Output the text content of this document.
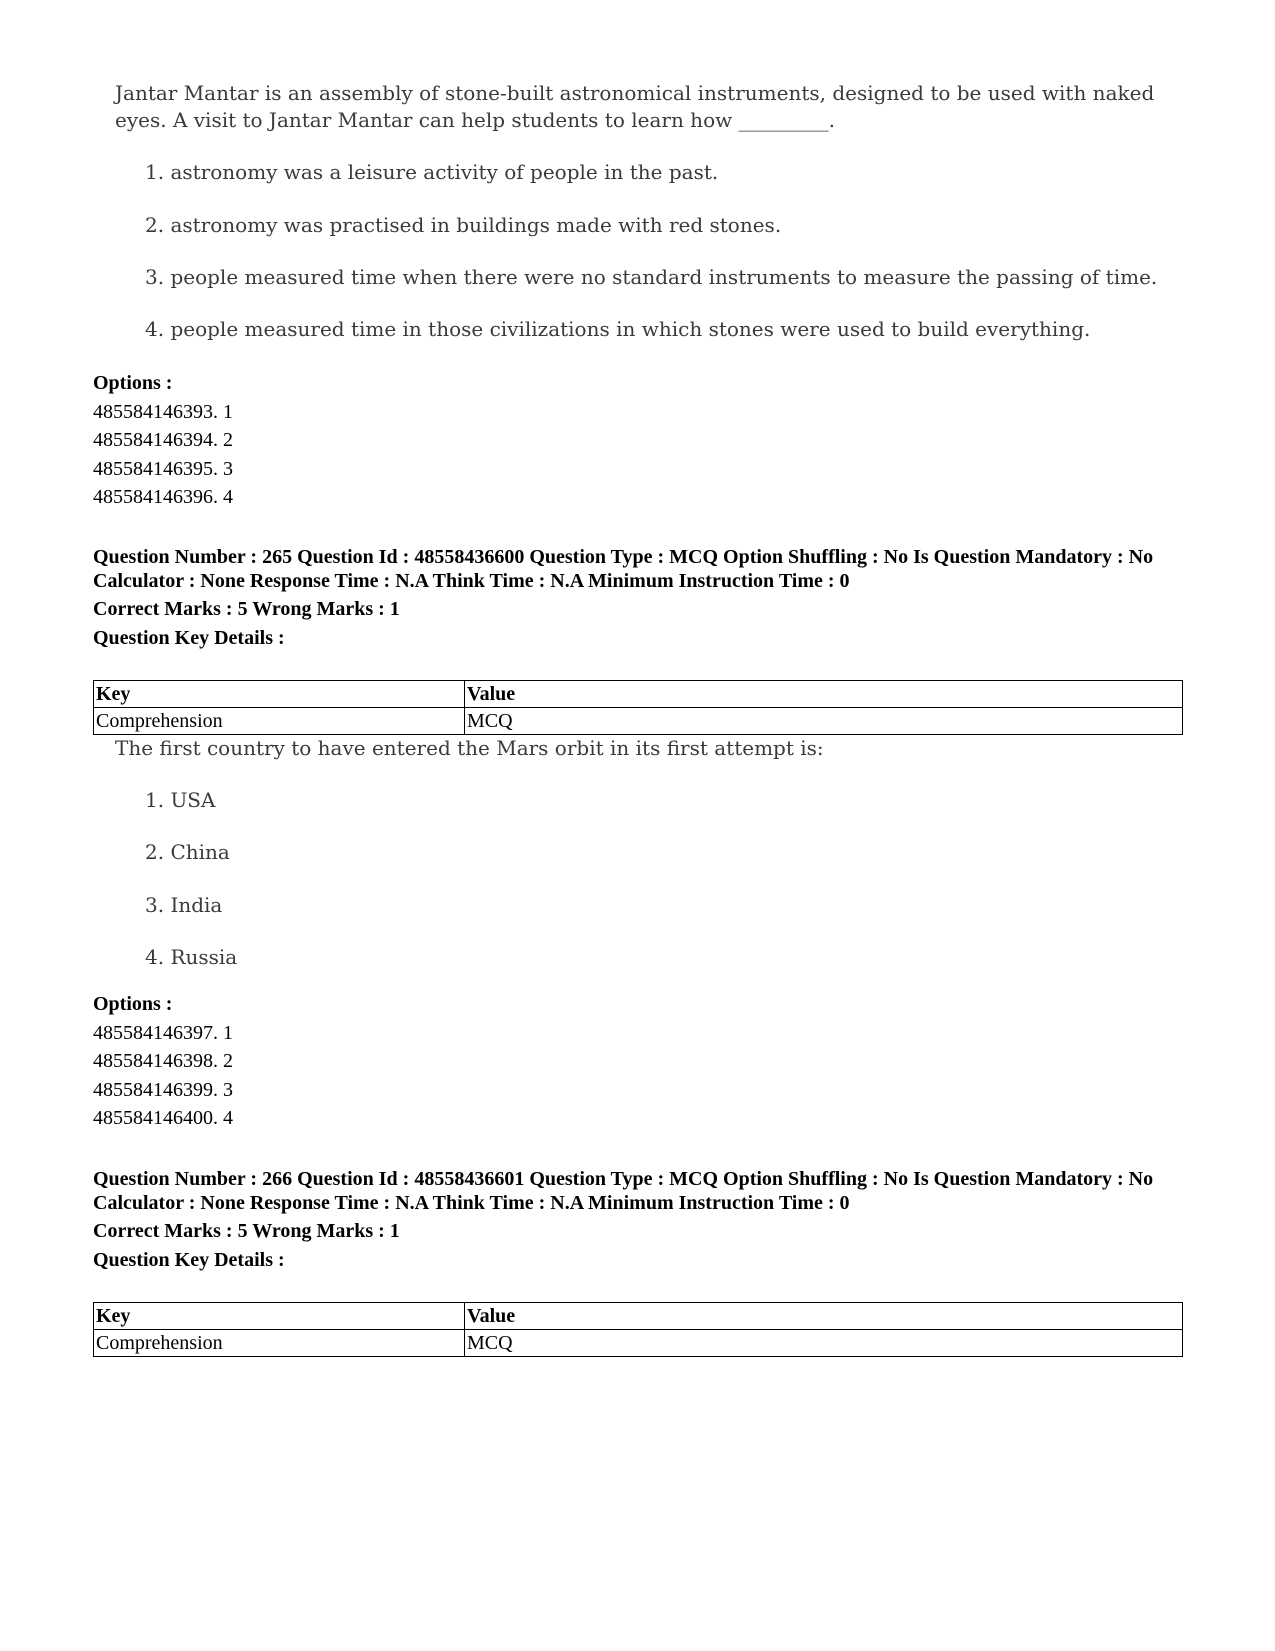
Jantar Mantar is an assembly of stone-built astronomical instruments, designed to be used with naked eyes. A visit to Jantar Mantar can help students to learn how _________.

1. astronomy was a leisure activity of people in the past.

2. astronomy was practised in buildings made with red stones.

3. people measured time when there were no standard instruments to measure the passing of time.

4. people measured time in those civilizations in which stones were used to build everything.

Options :
485584146393. 1
485584146394. 2
485584146395. 3
485584146396. 4
Question Number : 265 Question Id : 48558436600 Question Type : MCQ Option Shuffling : No Is Question Mandatory : No Calculator : None Response Time : N.A Think Time : N.A Minimum Instruction Time : 0
Correct Marks : 5 Wrong Marks : 1
Question Key Details :
Key	Value
Comprehension	MCQ

The first country to have entered the Mars orbit in its first attempt is:

1. USA

2. China

3. India

4. Russia

Options :
485584146397. 1
485584146398. 2
485584146399. 3
485584146400. 4
Question Number : 266 Question Id : 48558436601 Question Type : MCQ Option Shuffling : No Is Question Mandatory : No Calculator : None Response Time : N.A Think Time : N.A Minimum Instruction Time : 0
Correct Marks : 5 Wrong Marks : 1
Question Key Details :
Key	Value
Comprehension	MCQ
